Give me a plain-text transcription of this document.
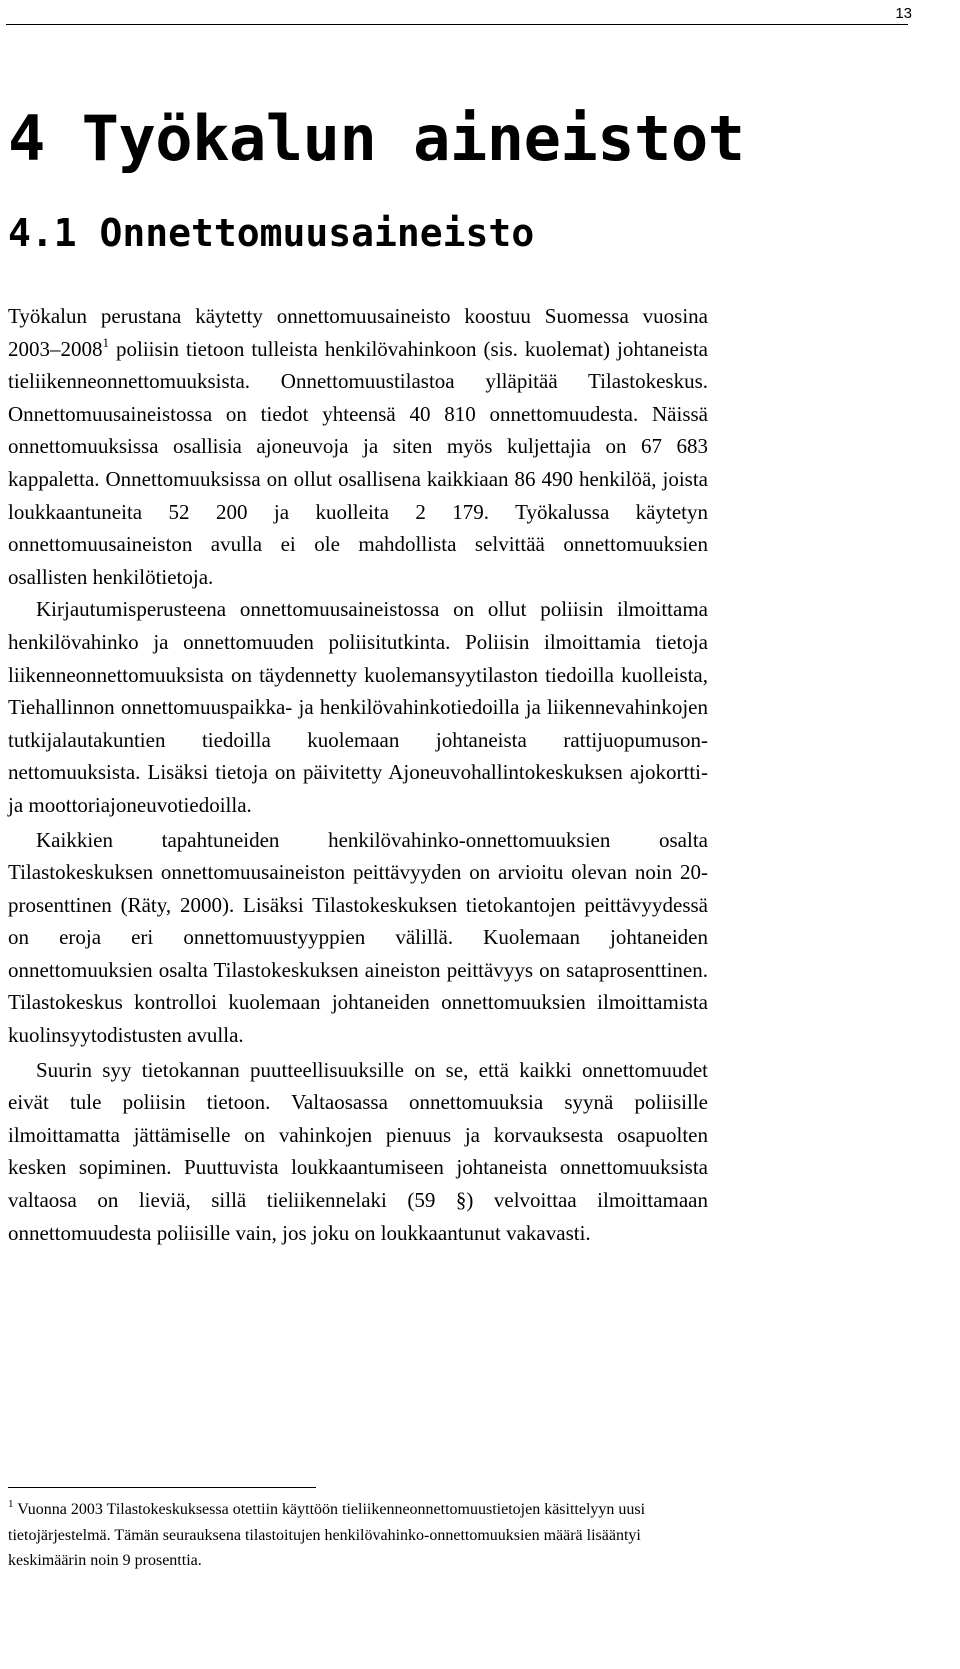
13
4 Työkalun aineistot
4.1 Onnettomuusaineisto

Työkalun perustana käytetty onnettomuusaineisto koostuu Suomessa vuosina 2003–2008$^1$ poliisin tietoon tulleista henkilövahinkoon (sis. kuolemat) johtaneista tieliikenneonnettomuuksista. Onnettomuustilastoa ylläpitää Tilastokeskus. Onnettomuusaineistossa on tiedot yhteensä 40 810 onnettomuudesta. Näissä onnettomuuksissa osallisia ajoneuvoja ja siten myös kuljettajia on 67 683 kappaletta. Onnettomuuksissa on ollut osallisena kaikkiaan 86 490 henkilöä, joista loukkaantuneita 52 200 ja kuolleita 2 179. Työkalussa käytetyn onnettomuusaineiston avulla ei ole mahdollista selvittää onnettomuuksien osallisten henkilötietoja.

Kirjautumisperusteena onnettomuusaineistossa on ollut poliisin ilmoittama henkilövahinko ja onnettomuuden poliisitutkinta. Poliisin ilmoittamia tietoja liikenneonnettomuuksista on täydennetty kuolemansyytilaston tiedoilla kuolleista, Tiehallinnon onnettomuuspaikka- ja henkilövahinkotiedoilla ja liikennevahinkojen tutkijalautakuntien tiedoilla kuolemaan johtaneista rattijuopumusonnettomuuksista. Lisäksi tietoja on päivitetty Ajoneuvohallintokeskuksen ajokortti- ja moottoriajoneuvotiedoilla.

Kaikkien tapahtuneiden henkilövahinko-onnettomuuksien osalta Tilastokeskuksen onnettomuusaineiston peittävyyden on arvioitu olevan noin 20-prosenttinen (Räty, 2000). Lisäksi Tilastokeskuksen tietokantojen peittävyydessä on eroja eri onnettomuustyyppien välillä. Kuolemaan johtaneiden onnettomuuksien osalta Tilastokeskuksen aineiston peittävyys on sataprosenttinen. Tilastokeskus kontrolloi kuolemaan johtaneiden onnettomuuksien ilmoittamista kuolinsyytodistusten avulla.

Suurin syy tietokannan puutteellisuuksille on se, että kaikki onnettomuudet eivät tule poliisin tietoon. Valtaosassa onnettomuuksia syynä poliisille ilmoittamatta jättämiselle on vahinkojen pienuus ja korvauksesta osapuolten kesken sopiminen. Puuttuvista loukkaantumiseen johtaneista onnettomuuksista valtaosa on lieviä, sillä tieliikennelaki (59 §) velvoittaa ilmoittamaan onnettomuudesta poliisille vain, jos joku on loukkaantunut vakavasti.

$^1$ Vuonna 2003 Tilastokeskuksessa otettiin käyttöön tieliikenneonnettomuustietojen käsittelyyn uusi tietojärjestelmä. Tämän seurauksena tilastoitujen henkilövahinko-onnettomuuksien määrä lisääntyi keskimäärin noin 9 prosenttia.
